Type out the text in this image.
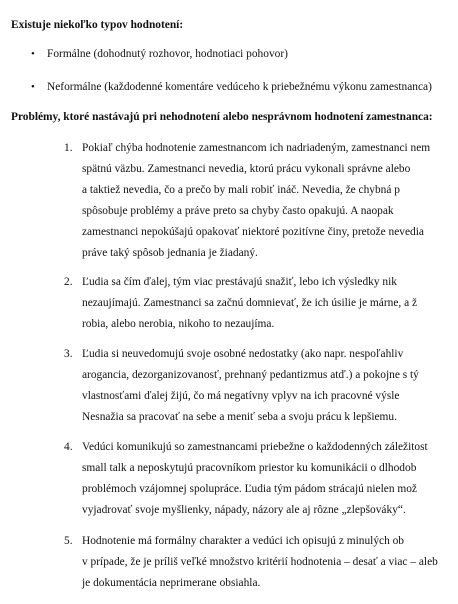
Existuje niekoľko typov hodnotení:
• Formálne (dohodnutý rozhovor, hodnotiaci pohovor)
• Neformálne (každodenné komentáre vedúceho k priebežnému výkonu zamestnanca)
Problémy, ktoré nastávajú pri nehodnotení alebo nesprávnom hodnotení zamestnanca:
1. Pokiaľ chýba hodnotenie zamestnancom ich nadriadeným, zamestnanci nem
spätnú väzbu. Zamestnanci nevedia, ktorú prácu vykonali správne alebo
a taktiež nevedia, čo a prečo by mali robiť ináč. Nevedia, že chybná p
spôsobuje problémy a práve preto sa chyby často opakujú. A naopak
zamestnanci nepokúšajú opakovať niektoré pozitívne činy, pretože nevedia
práve taký spôsob jednania je žiadaný.
2. Ľudia sa čím ďalej, tým viac prestávajú snažiť, lebo ich výsledky nik
nezaujímajú. Zamestnanci sa začnú domnievať, že ich úsilie je márne, a ž
robia, alebo nerobia, nikoho to nezaujíma.
3. Ľudia si neuvedomujú svoje osobné nedostatky (ako napr. nespoľahliv
arogancia, dezorganizovanosť, prehnaný pedantizmus atď.) a pokojne s tý
vlastnosťami ďalej žijú, čo má negatívny vplyv na ich pracovné výsle
Nesnažia sa pracovať na sebe a meniť seba a svoju prácu k lepšiemu.
4. Vedúci komunikujú so zamestnancami priebežne o každodenných záležitost
small talk a neposkytujú pracovníkom priestor ku komunikácii o dlhodob
problémoch vzájomnej spolupráce. Ľudia tým pádom strácajú nielen mož
vyjadrovať svoje myšlienky, nápady, názory ale aj rôzne „zlepšováky“.
5. Hodnotenie má formálny charakter a vedúci ich opisujú z minulých ob
v prípade, že je príliš veľké množstvo kritérií hodnotenia – desať a viac – aleb
je dokumentácia neprimerane obsiahla.
